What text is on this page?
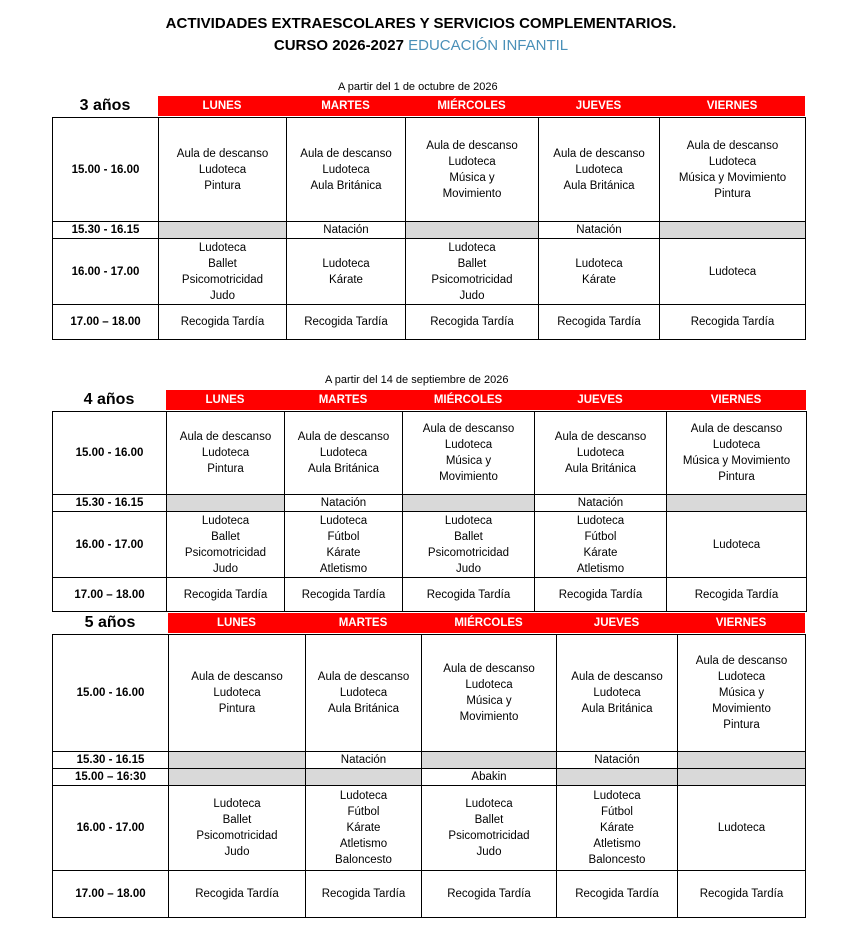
ACTIVIDADES EXTRAESCOLARES Y SERVICIOS COMPLEMENTARIOS.
CURSO 2026-2027 EDUCACIÓN INFANTIL
A partir del 1 de octubre de 2026
3 años	LUNES	MARTES	MIÉRCOLES	JUEVES	VIERNES
15.00 - 16.00	Aula de descanso
Ludoteca
Pintura	Aula de descanso
Ludoteca
Aula Británica	Aula de descanso
Ludoteca
Música y
Movimiento	Aula de descanso
Ludoteca
Aula Británica	Aula de descanso
Ludoteca
Música y Movimiento
Pintura

15.30 - 16.15		Natación		Natación	

16.00 - 17.00	Ludoteca
Ballet
Psicomotricidad
Judo	Ludoteca
Kárate	Ludoteca
Ballet
Psicomotricidad
Judo	Ludoteca
Kárate	Ludoteca

17.00 – 18.00	Recogida Tardía	Recogida Tardía	Recogida Tardía	Recogida Tardía	Recogida Tardía
A partir del 14 de septiembre de 2026
4 años	LUNES	MARTES	MIÉRCOLES	JUEVES	VIERNES
15.00 - 16.00	Aula de descanso
Ludoteca
Pintura	Aula de descanso
Ludoteca
Aula Británica	Aula de descanso
Ludoteca
Música y
Movimiento	Aula de descanso
Ludoteca
Aula Británica	Aula de descanso
Ludoteca
Música y Movimiento
Pintura

15.30 - 16.15		Natación		Natación	

16.00 - 17.00	Ludoteca
Ballet
Psicomotricidad
Judo	Ludoteca
Fútbol
Kárate
Atletismo	Ludoteca
Ballet
Psicomotricidad
Judo	Ludoteca
Fútbol
Kárate
Atletismo	Ludoteca

17.00 – 18.00	Recogida Tardía	Recogida Tardía	Recogida Tardía	Recogida Tardía	Recogida Tardía
5 años	LUNES	MARTES	MIÉRCOLES	JUEVES	VIERNES
15.00 - 16.00	Aula de descanso
Ludoteca
Pintura	Aula de descanso
Ludoteca
Aula Británica	Aula de descanso
Ludoteca
Música y
Movimiento	Aula de descanso
Ludoteca
Aula Británica	Aula de descanso
Ludoteca
Música y
Movimiento
Pintura

15.30 - 16.15		Natación		Natación	

15.00 – 16:30			Abakin		

16.00 - 17.00	Ludoteca
Ballet
Psicomotricidad
Judo	Ludoteca
Fútbol
Kárate
Atletismo
Baloncesto	Ludoteca
Ballet
Psicomotricidad
Judo	Ludoteca
Fútbol
Kárate
Atletismo
Baloncesto	Ludoteca

17.00 – 18.00	Recogida Tardía	Recogida Tardía	Recogida Tardía	Recogida Tardía	Recogida Tardía
